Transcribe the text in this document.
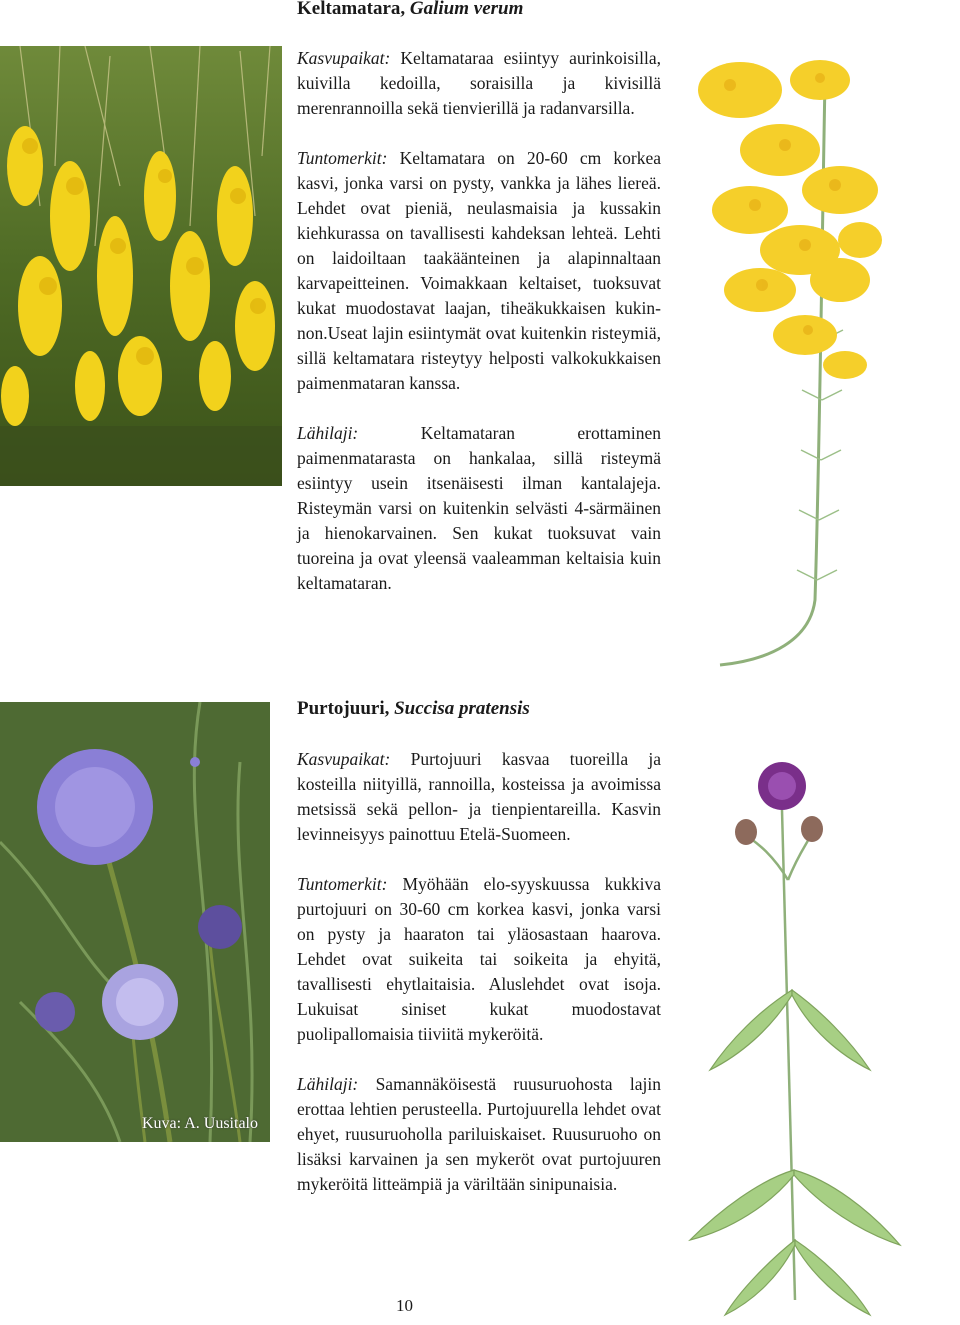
Keltamatara, Galium verum

Kasvupaikat: Keltamataraa esiintyy aurinkoisilla, kuivilla kedoilla, soraisilla ja kivisillä merenrannoilla sekä tienvierillä ja radanvarsilla.

Tuntomerkit: Keltamatara on 20-60 cm korkea kasvi, jonka varsi on pysty, vankka ja lähes liereä. Lehdet ovat pieniä, neulasmaisia ja kussakin kiehkurassa on tavallisesti kahdeksan lehteä. Lehti on laidoiltaan taakäänteinen ja alapinnaltaan karvapeitteinen. Voimakkaan keltaiset, tuoksuvat kukat muodostavat laajan, tiheäkukkaisen kukin-non.Useat lajin esiintymät ovat kuitenkin risteymiä, sillä keltamatara risteytyy helposti valkokukkaisen paimenmataran kanssa.

Lähilaji:	Keltamataran erottaminen paimenmatarasta on hankalaa, sillä risteymä esiintyy usein itsenäisesti ilman kantalajeja. Risteymän varsi on kuitenkin selvästi 4-särmäinen ja hienokarvainen. Sen kukat tuoksuvat vain tuoreina ja ovat yleensä vaaleamman keltaisia kuin keltamataran.

Purtojuuri, Succisa pratensis
Kuva: A. Uusitalo

Kasvupaikat: Purtojuuri kasvaa tuoreilla ja kosteilla niityillä, rannoilla, kosteissa ja avoimissa metsissä sekä pellon- ja tienpientareilla. Kasvin levinneisyys painottuu Etelä-Suomeen.

Tuntomerkit: Myöhään elo-syyskuussa kukkiva purtojuuri on 30-60 cm korkea kasvi, jonka varsi on pysty ja haaraton tai yläosastaan haarova. Lehdet ovat suikeita tai soikeita ja ehyitä, tavallisesti ehytlaitaisia. Aluslehdet ovat isoja. Lukuisat siniset kukat muodostavat puolipallomaisia tiiviitä mykeröitä.

Lähilaji: Samannäköisestä ruusuruohosta lajin erottaa lehtien perusteella. Purtojuurella lehdet ovat ehyet, ruusuruoholla pariluiskaiset. Ruusuruoho on lisäksi karvainen ja sen mykeröt ovat purtojuuren mykeröitä litteämpiä ja väriltään sinipunaisia.

10
